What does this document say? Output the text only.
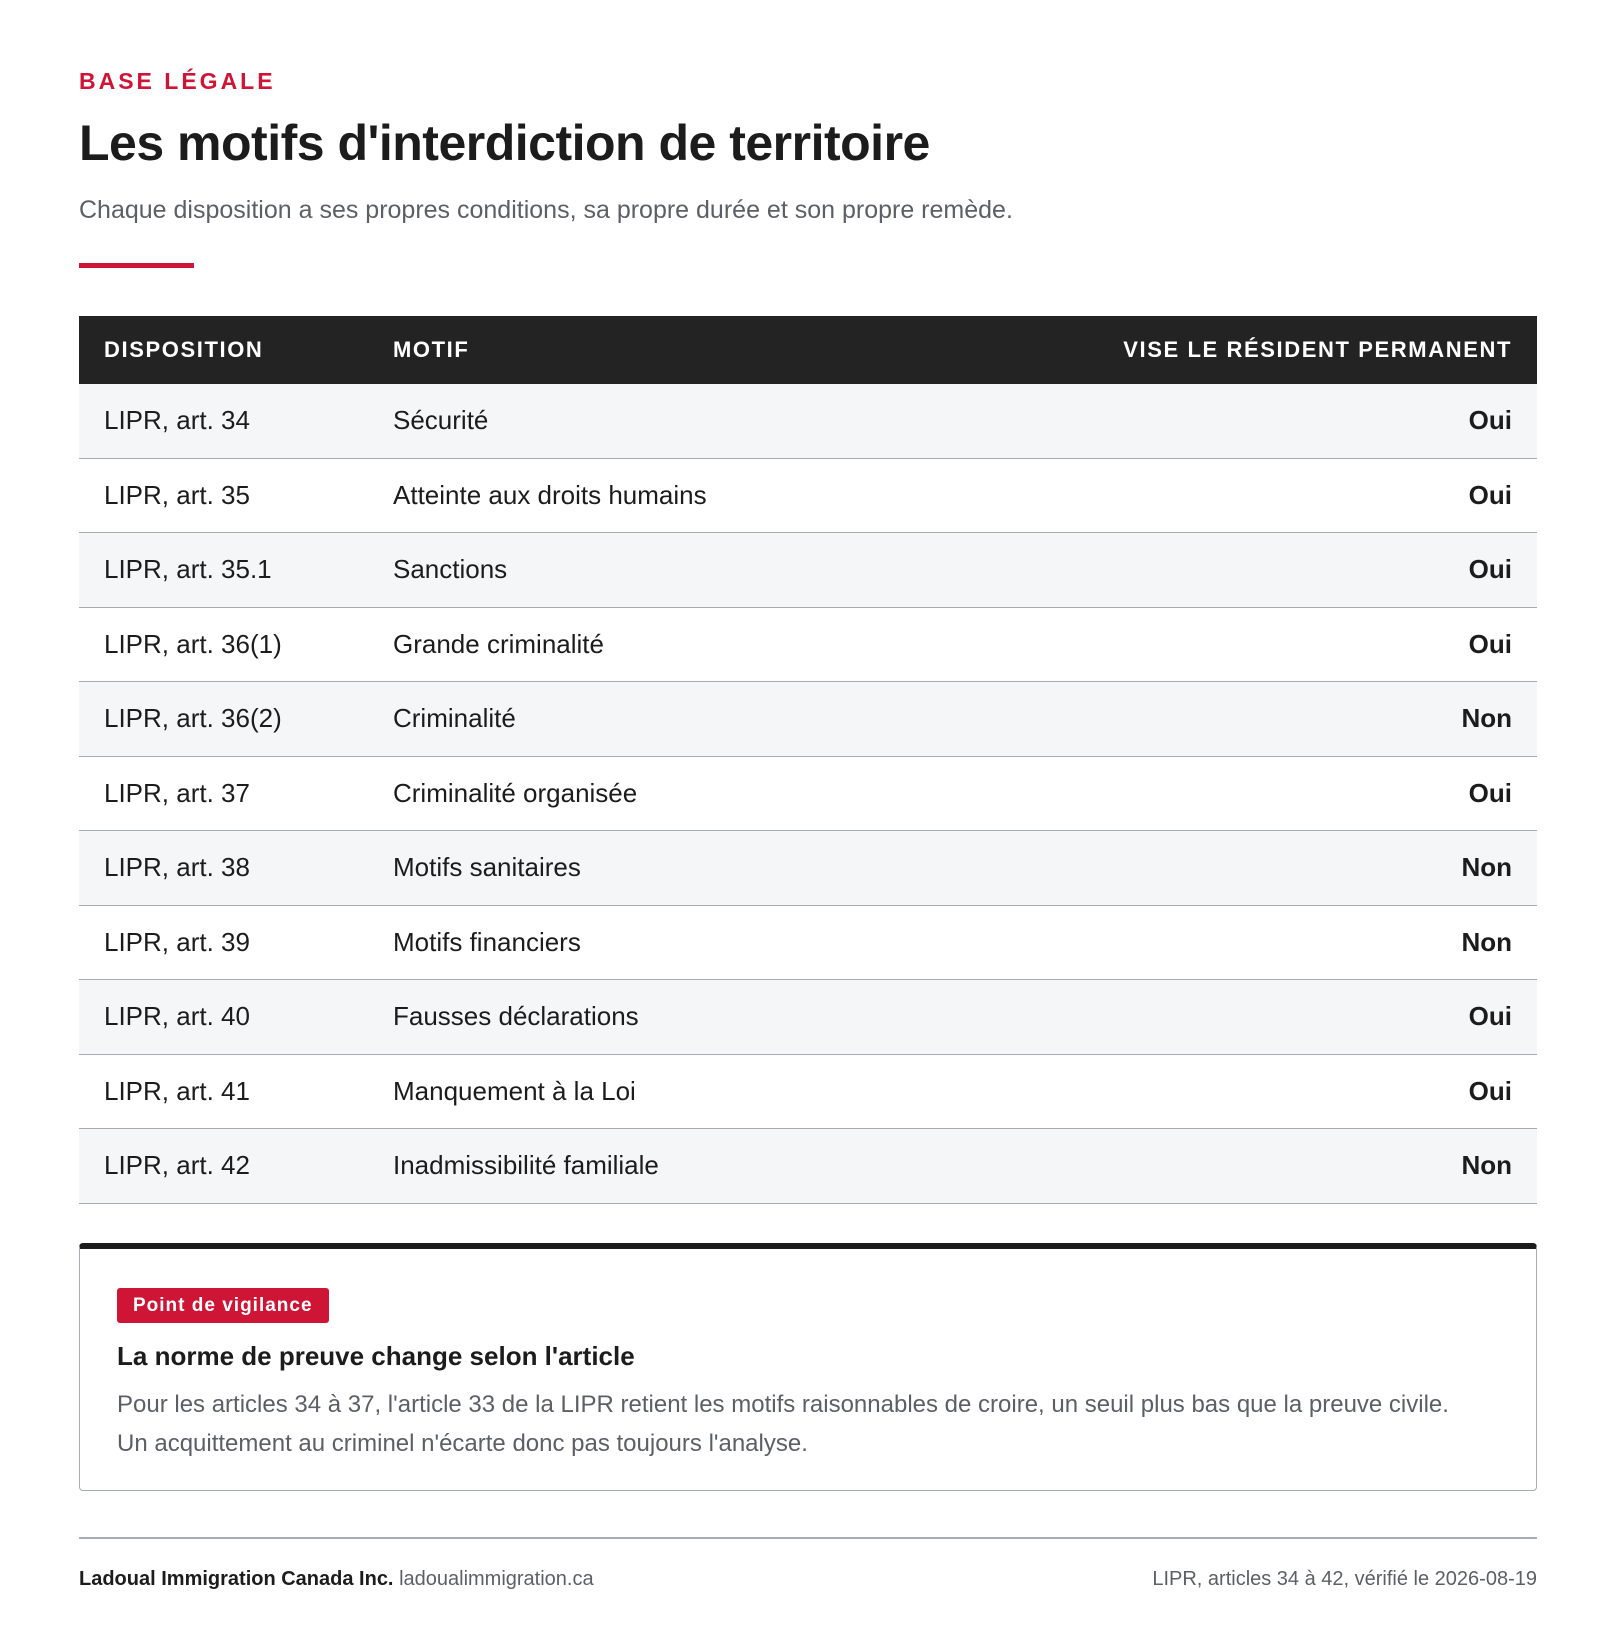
BASE LÉGALE
Les motifs d'interdiction de territoire
Chaque disposition a ses propres conditions, sa propre durée et son propre remède.
DISPOSITION	MOTIF	VISE LE RÉSIDENT PERMANENT
LIPR, art. 34	Sécurité	Oui
LIPR, art. 35	Atteinte aux droits humains	Oui
LIPR, art. 35.1	Sanctions	Oui
LIPR, art. 36(1)	Grande criminalité	Oui
LIPR, art. 36(2)	Criminalité	Non
LIPR, art. 37	Criminalité organisée	Oui
LIPR, art. 38	Motifs sanitaires	Non
LIPR, art. 39	Motifs financiers	Non
LIPR, art. 40	Fausses déclarations	Oui
LIPR, art. 41	Manquement à la Loi	Oui
LIPR, art. 42	Inadmissibilité familiale	Non
Point de vigilance
La norme de preuve change selon l'article
Pour les articles 34 à 37, l'article 33 de la LIPR retient les motifs raisonnables de croire, un seuil plus bas que la preuve civile. Un acquittement au criminel n'écarte donc pas toujours l'analyse.
Ladoual Immigration Canada Inc. ladoualimmigration.ca	LIPR, articles 34 à 42, vérifié le 2026-08-19
